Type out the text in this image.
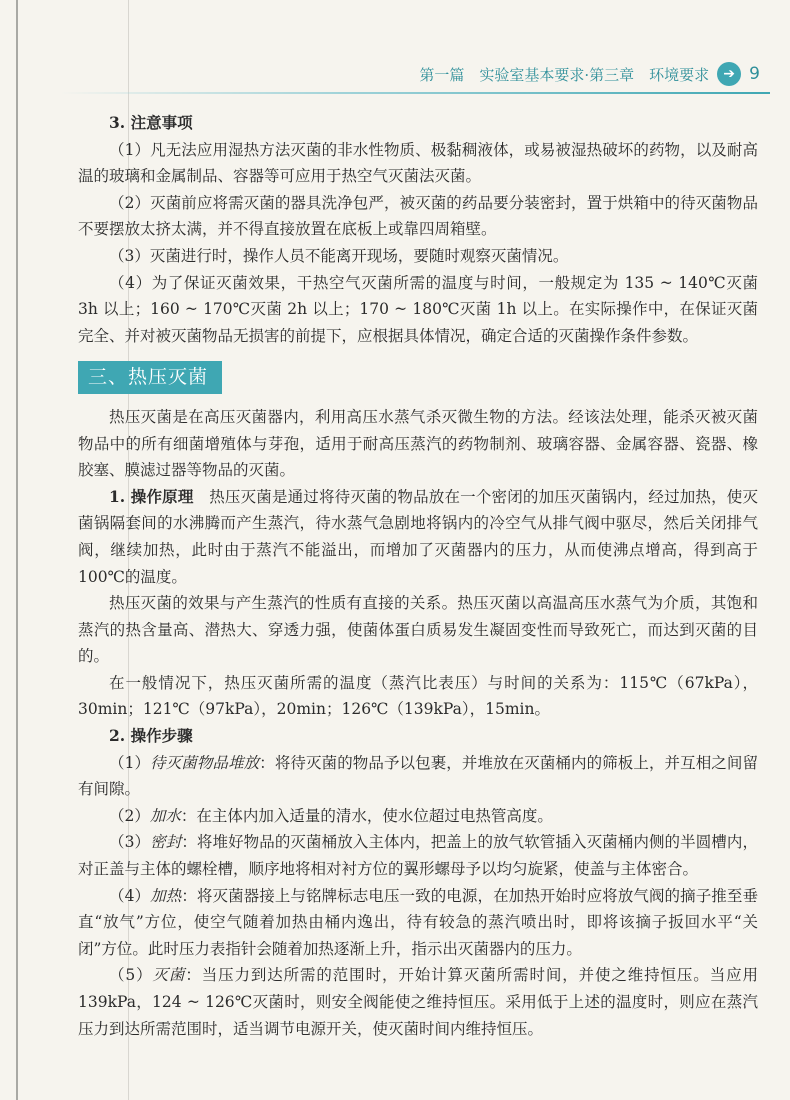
第一篇　实验室基本要求·第三章　环境要求	➔ 9

3. 注意事项

（1）凡无法应用湿热方法灭菌的非水性物质、极黏稠液体，或易被湿热破坏的药物，以及耐高温的玻璃和金属制品、容器等可应用于热空气灭菌法灭菌。

（2）灭菌前应将需灭菌的器具洗净包严，被灭菌的药品要分装密封，置于烘箱中的待灭菌物品不要摆放太挤太满，并不得直接放置在底板上或靠四周箱壁。

（3）灭菌进行时，操作人员不能离开现场，要随时观察灭菌情况。

（4）为了保证灭菌效果，干热空气灭菌所需的温度与时间，一般规定为 135 ~ 140℃灭菌 3h 以上；160 ~ 170℃灭菌 2h 以上；170 ~ 180℃灭菌 1h 以上。在实际操作中，在保证灭菌完全、并对被灭菌物品无损害的前提下，应根据具体情况，确定合适的灭菌操作条件参数。

三、热压灭菌

热压灭菌是在高压灭菌器内，利用高压水蒸气杀灭微生物的方法。经该法处理，能杀灭被灭菌物品中的所有细菌增殖体与芽孢，适用于耐高压蒸汽的药物制剂、玻璃容器、金属容器、瓷器、橡胶塞、膜滤过器等物品的灭菌。

1. 操作原理　 热压灭菌是通过将待灭菌的物品放在一个密闭的加压灭菌锅内，经过加热，使灭菌锅隔套间的水沸腾而产生蒸汽，待水蒸气急剧地将锅内的冷空气从排气阀中驱尽，然后关闭排气阀，继续加热，此时由于蒸汽不能溢出，而增加了灭菌器内的压力，从而使沸点增高，得到高于 100℃的温度。

热压灭菌的效果与产生蒸汽的性质有直接的关系。热压灭菌以高温高压水蒸气为介质，其饱和蒸汽的热含量高、潜热大、穿透力强，使菌体蛋白质易发生凝固变性而导致死亡，而达到灭菌的目的。

在一般情况下，热压灭菌所需的温度（蒸汽比表压）与时间的关系为：115℃（67kPa），30min；121℃（97kPa），20min；126℃（139kPa），15min。

2. 操作步骤

（1）待灭菌物品堆放：将待灭菌的物品予以包裹，并堆放在灭菌桶内的筛板上，并互相之间留有间隙。

（2）加水：在主体内加入适量的清水，使水位超过电热管高度。

（3）密封：将堆好物品的灭菌桶放入主体内，把盖上的放气软管插入灭菌桶内侧的半圆槽内，对正盖与主体的螺栓槽，顺序地将相对衬方位的翼形螺母予以均匀旋紧，使盖与主体密合。

（4）加热：将灭菌器接上与铭牌标志电压一致的电源，在加热开始时应将放气阀的摘子推至垂直“放气”方位，使空气随着加热由桶内逸出，待有较急的蒸汽喷出时，即将该摘子扳回水平“关闭”方位。此时压力表指针会随着加热逐渐上升，指示出灭菌器内的压力。

（5）灭菌：当压力到达所需的范围时，开始计算灭菌所需时间，并使之维持恒压。当应用 139kPa，124 ~ 126℃灭菌时，则安全阀能使之维持恒压。采用低于上述的温度时，则应在蒸汽压力到达所需范围时，适当调节电源开关，使灭菌时间内维持恒压。
